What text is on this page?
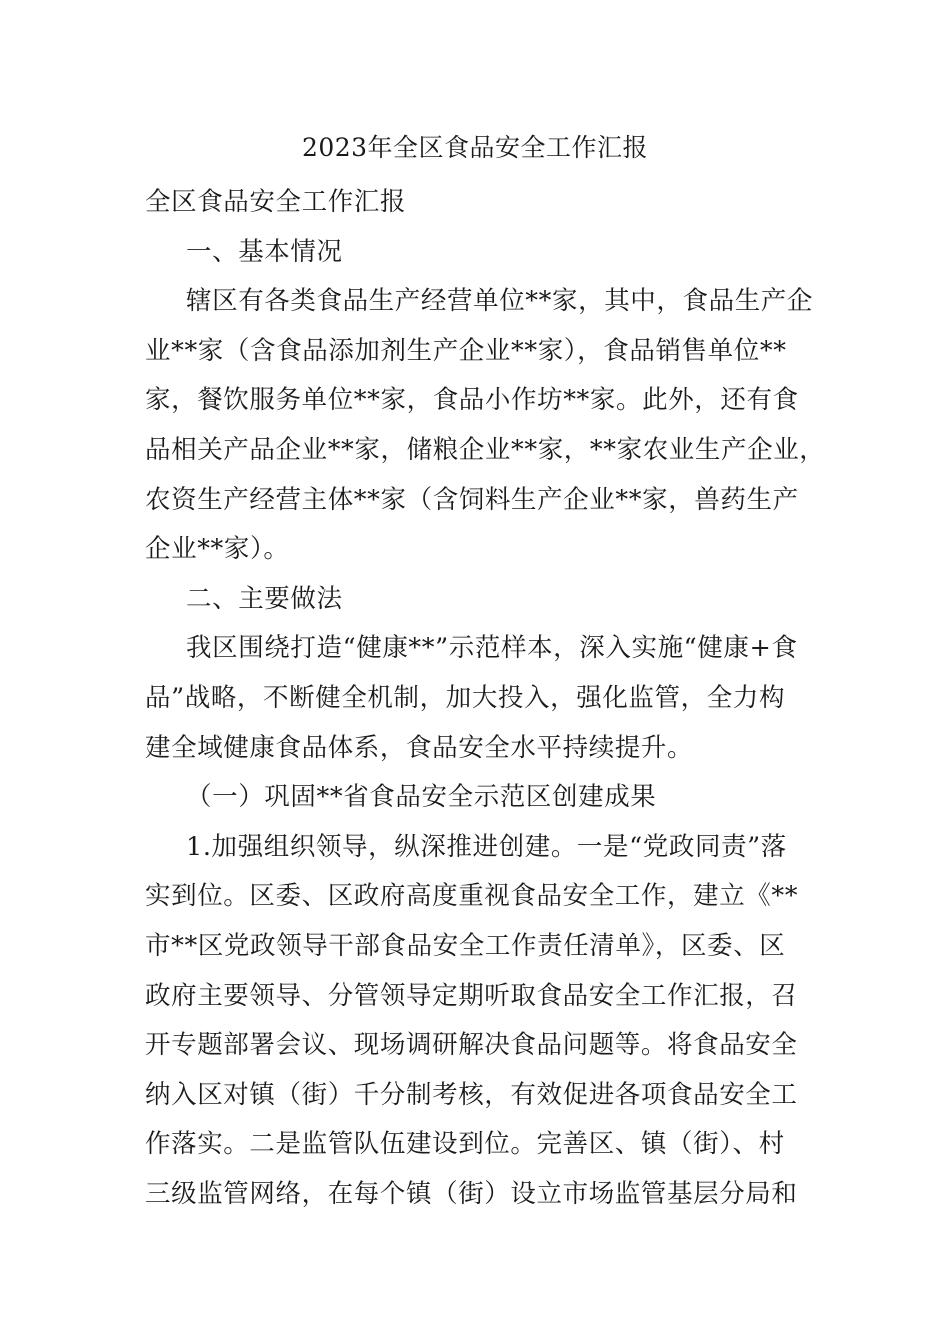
2023年全区食品安全工作汇报

全区食品安全工作汇报

一、基本情况

辖区有各类食品生产经营单位**家，其中，食品生产企

业**家（含食品添加剂生产企业**家），食品销售单位**

家，餐饮服务单位**家，食品小作坊**家。此外，还有食

品相关产品企业**家，储粮企业**家，**家农业生产企业，

农资生产经营主体**家（含饲料生产企业**家，兽药生产

企业**家）。

二、主要做法

我区围绕打造“健康**”示范样本，深入实施“健康+食

品”战略，不断健全机制，加大投入，强化监管，全力构

建全域健康食品体系，食品安全水平持续提升。

（一）巩固**省食品安全示范区创建成果

1.加强组织领导，纵深推进创建。一是“党政同责”落

实到位。区委、区政府高度重视食品安全工作，建立《**

市**区党政领导干部食品安全工作责任清单》，区委、区

政府主要领导、分管领导定期听取食品安全工作汇报，召

开专题部署会议、现场调研解决食品问题等。将食品安全

纳入区对镇（街）千分制考核，有效促进各项食品安全工

作落实。二是监管队伍建设到位。完善区、镇（街）、村

三级监管网络，在每个镇（街）设立市场监管基层分局和
